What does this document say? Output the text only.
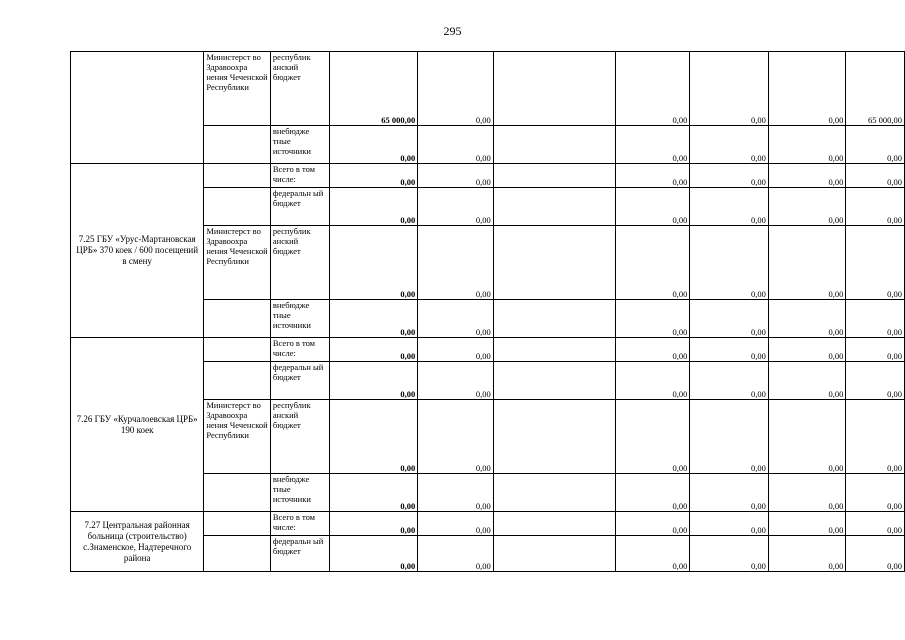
295
	Министерст во Здравоохра нения Чеченской Республики	республик анский бюджет	65 000,00	0,00		0,00	0,00	0,00	65 000,00
		внебюдже тные источники	0,00	0,00		0,00	0,00	0,00	0,00
7.25 ГБУ «Урус-Мартановская ЦРБ» 370 коек / 600 посещений в смену		Всего в том числе:	0,00	0,00		0,00	0,00	0,00	0,00
		федеральн ый бюджет	0,00	0,00		0,00	0,00	0,00	0,00
	Министерст во Здравоохра нения Чеченской Республики	республик анский бюджет	0,00	0,00		0,00	0,00	0,00	0,00
		внебюдже тные источники	0,00	0,00		0,00	0,00	0,00	0,00
7.26 ГБУ «Курчалоевская ЦРБ» 190 коек		Всего в том числе:	0,00	0,00		0,00	0,00	0,00	0,00
		федеральн ый бюджет	0,00	0,00		0,00	0,00	0,00	0,00
	Министерст во Здравоохра нения Чеченской Республики	республик анский бюджет	0,00	0,00		0,00	0,00	0,00	0,00
		внебюдже тные источники	0,00	0,00		0,00	0,00	0,00	0,00
7.27 Центральная районная больница (строительство) с.Знаменское, Надтеречного района		Всего в том числе:	0,00	0,00		0,00	0,00	0,00	0,00
		федеральн ый бюджет	0,00	0,00		0,00	0,00	0,00	0,00
